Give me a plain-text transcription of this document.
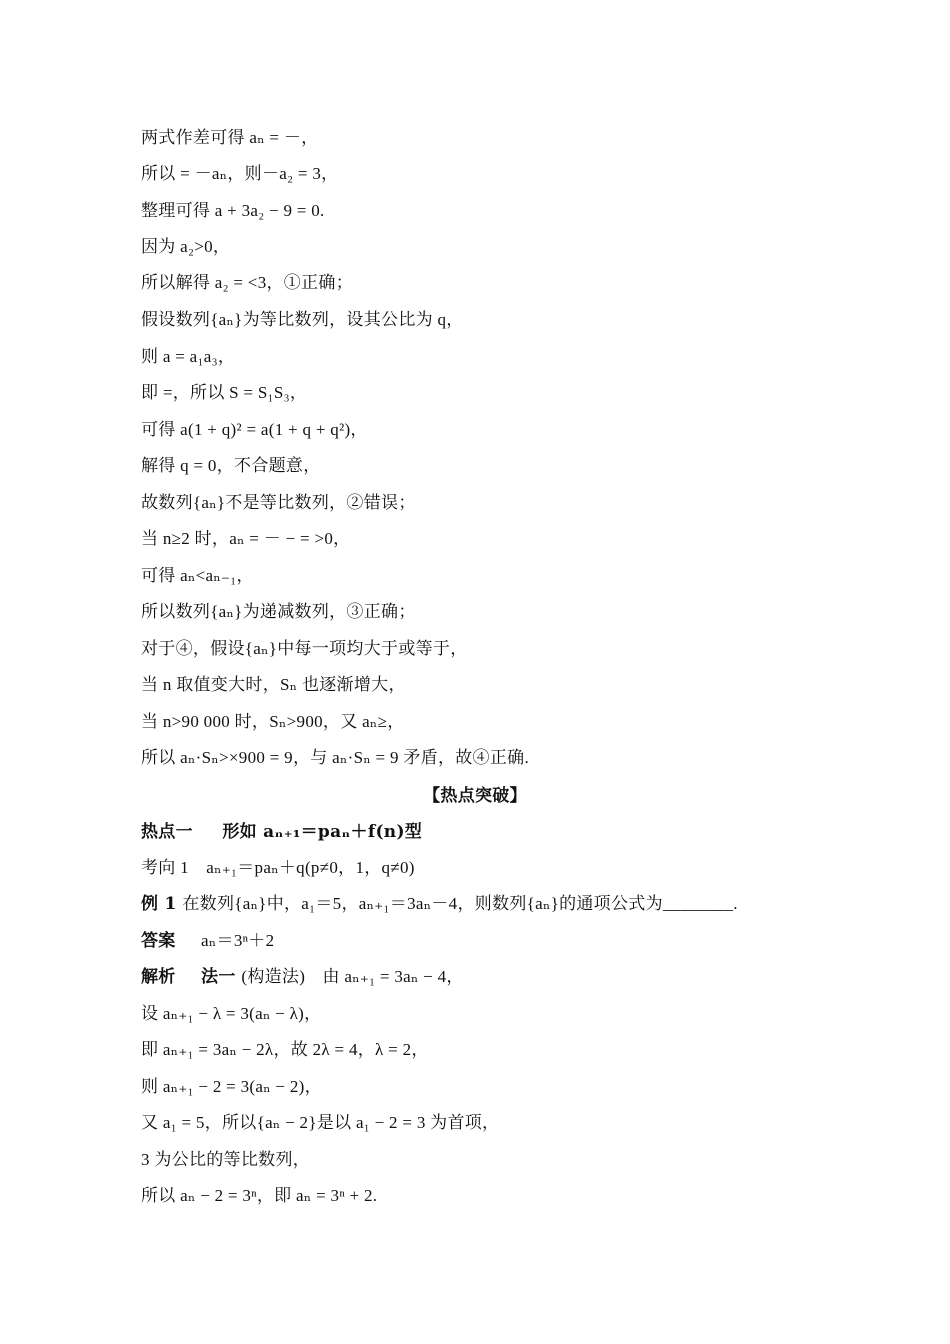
两式作差可得 aₙ = －，
所以 = －aₙ，则－a₂ = 3，
整理可得 a + 3a₂ − 9 = 0.
因为 a₂>0，
所以解得 a₂ = <3，①正确；
假设数列{aₙ}为等比数列，设其公比为 q，
则 a = a₁a₃，
即 =，所以 S = S₁S₃，
可得 a(1 + q)² = a(1 + q + q²)，
解得 q = 0，不合题意，
故数列{aₙ}不是等比数列，②错误；
当 n≥2 时，aₙ = － − = >0，
可得 aₙ<aₙ₋₁，
所以数列{aₙ}为递减数列，③正确；
对于④，假设{aₙ}中每一项均大于或等于，
当 n 取值变大时，Sₙ 也逐渐增大，
当 n>90 000 时，Sₙ>900，又 aₙ≥，
所以 aₙ·Sₙ>×900 = 9，与 aₙ·Sₙ = 9 矛盾，故④正确.
【热点突破】
热点一 形如 aₙ₊₁＝paₙ＋f(n)型
考向 1　aₙ₊₁＝paₙ＋q(p≠0，1，q≠0)
例 1 在数列{aₙ}中，a₁＝5，aₙ₊₁＝3aₙ－4，则数列{aₙ}的通项公式为________.
答案 aₙ＝3ⁿ＋2
解析 法一 (构造法)　由 aₙ₊₁ = 3aₙ − 4，
设 aₙ₊₁ − λ = 3(aₙ − λ)，
即 aₙ₊₁ = 3aₙ − 2λ，故 2λ = 4，λ = 2，
则 aₙ₊₁ − 2 = 3(aₙ − 2)，
又 a₁ = 5，所以{aₙ − 2}是以 a₁ − 2 = 3 为首项，
3 为公比的等比数列，
所以 aₙ − 2 = 3ⁿ，即 aₙ = 3ⁿ + 2.
